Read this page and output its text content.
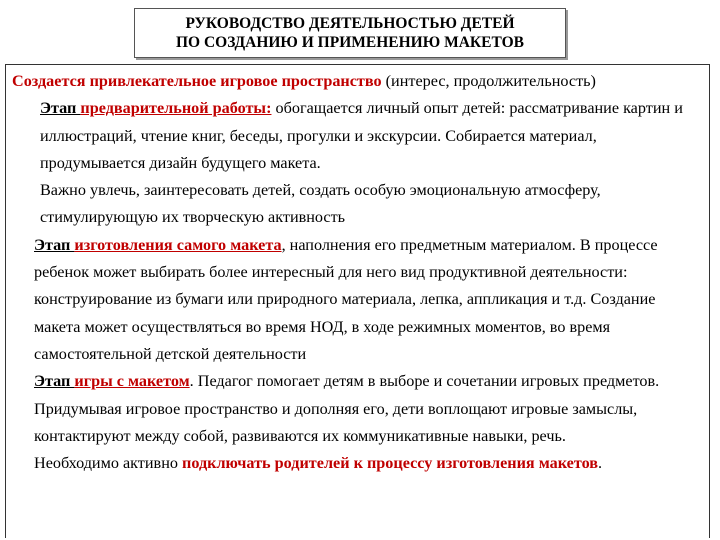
РУКОВОДСТВО ДЕЯТЕЛЬНОСТЬЮ ДЕТЕЙ
ПО СОЗДАНИЮ И ПРИМЕНЕНИЮ МАКЕТОВ

Создается привлекательное игровое пространство (интерес, продолжительность)

Этап предварительной работы: обогащается личный опыт детей: рассматривание картин и иллюстраций, чтение книг, беседы, прогулки и экскурсии. Собирается материал, продумывается дизайн будущего макета.

Важно увлечь, заинтересовать детей, создать особую эмоциональную атмосферу, стимулирующую их творческую активность

Этап изготовления самого макета, наполнения его предметным материалом. В процессе ребенок может выбирать более интересный для него вид продуктивной деятельности: конструирование из бумаги или природного материала, лепка, аппликация и т.д. Создание макета может осуществляться во время НОД, в ходе режимных моментов, во время самостоятельной детской деятельности

Этап игры с макетом. Педагог помогает детям в выборе и сочетании игровых предметов. Придумывая игровое пространство и дополняя его, дети воплощают игровые замыслы, контактируют между собой, развиваются их коммуникативные навыки, речь.

Необходимо активно подключать родителей к процессу изготовления макетов.
